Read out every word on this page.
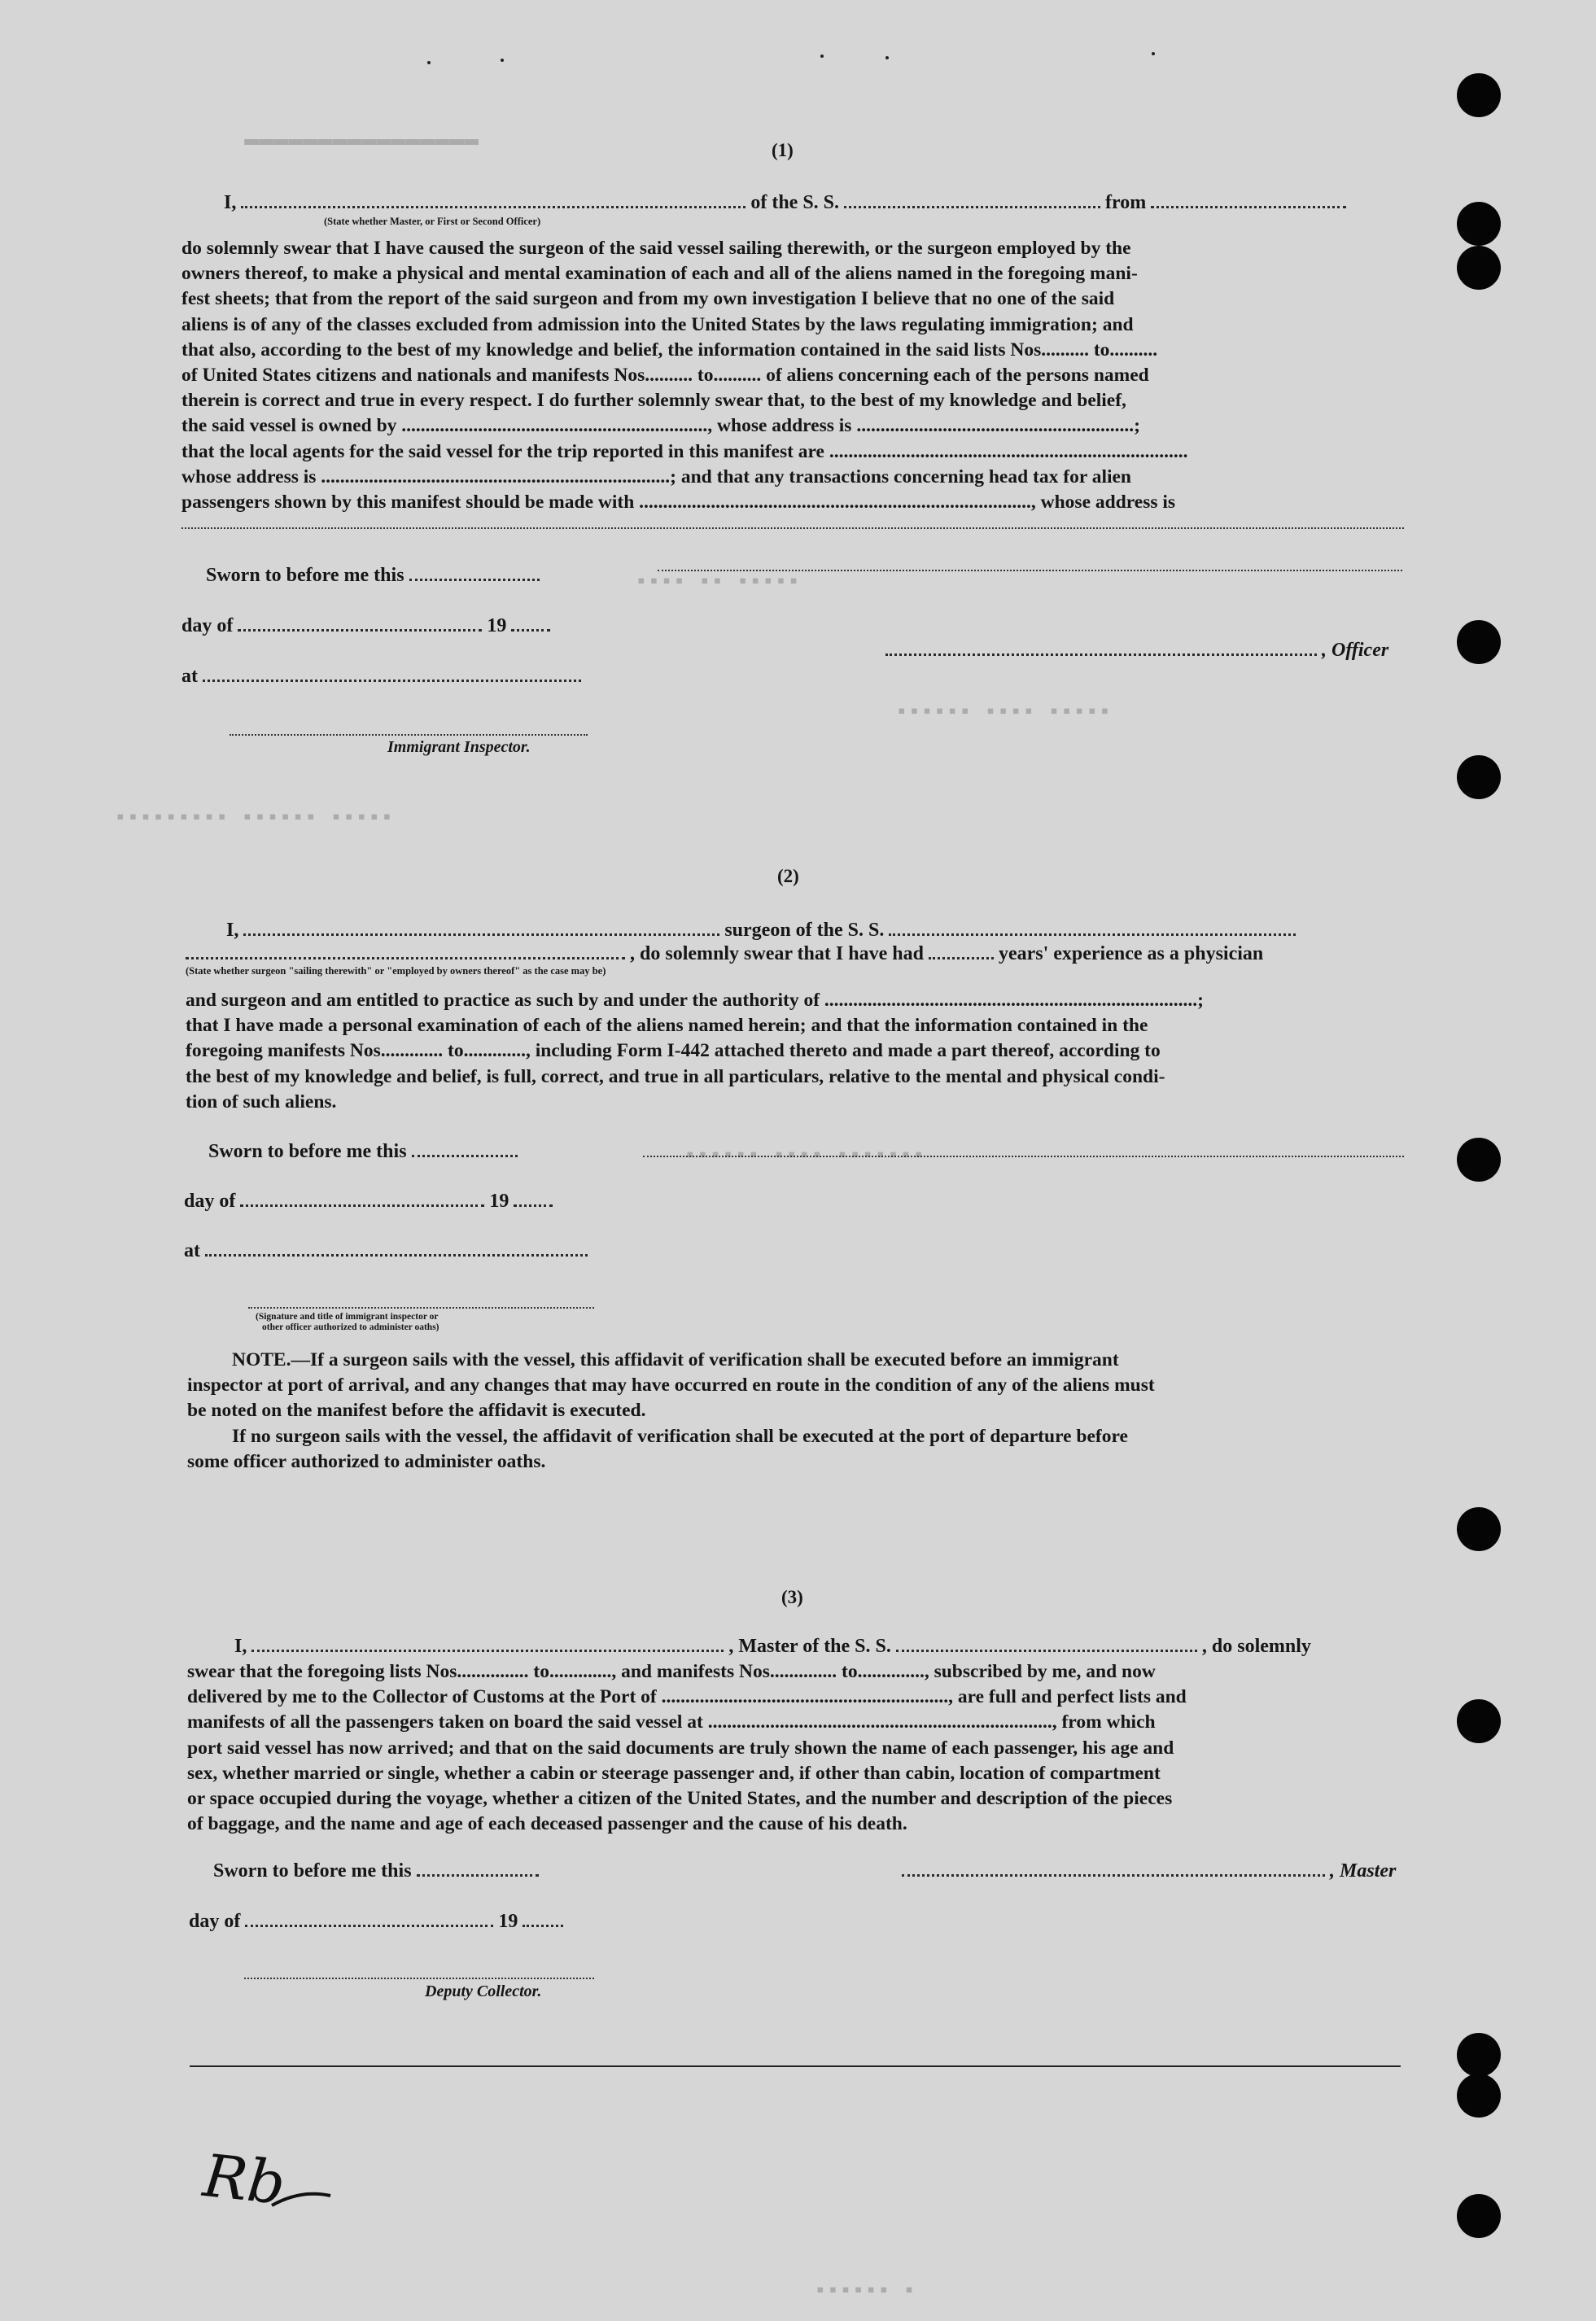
▬▬▬▬▬▬▬▬▬▬▬▬▬▬▬▬
▪▪▪▪ ▪▪ ▪▪▪▪▪
▪▪▪▪▪▪ ▪▪▪▪ ▪▪▪▪▪
▪▪▪▪▪▪▪▪▪ ▪▪▪▪▪▪ ▪▪▪▪▪
▪▪▪▪▪▪ ▪▪▪▪ ▪▪▪▪▪▪▪
▪▪▪▪▪▪ ▪
(1)
I,	of the S. S.	from
(State whether Master, or First or Second Officer)
do solemnly swear that I have caused the surgeon of the said vessel sailing therewith, or the surgeon employed by the
owners thereof, to make a physical and mental examination of each and all of the aliens named in the foregoing mani-
fest sheets; that from the report of the said surgeon and from my own investigation I believe that no one of the said
aliens is of any of the classes excluded from admission into the United States by the laws regulating immigration; and
that also, according to the best of my knowledge and belief, the information contained in the said lists Nos.......... to..........
of United States citizens and nationals and manifests Nos.......... to.......... of aliens concerning each of the persons named
therein is correct and true in every respect. I do further solemnly swear that, to the best of my knowledge and belief,
the said vessel is owned by ................................................................, whose address is ..........................................................;
that the local agents for the said vessel for the trip reported in this manifest are ...........................................................................
whose address is .........................................................................; and that any transactions concerning head tax for alien
passengers shown by this manifest should be made with .................................................................................., whose address is
Sworn to before me this
day of	19
, Officer
at
Immigrant Inspector.
(2)
I,	surgeon of the S. S.
, do solemnly swear that I have had	years' experience as a physician
(State whether surgeon "sailing therewith" or "employed by owners thereof" as the case may be)
and surgeon and am entitled to practice as such by and under the authority of ..............................................................................;
that I have made a personal examination of each of the aliens named herein; and that the information contained in the
foregoing manifests Nos............. to............., including Form I-442 attached thereto and made a part thereof, according to
the best of my knowledge and belief, is full, correct, and true in all particulars, relative to the mental and physical condi-
tion of such aliens.
Sworn to before me this
day of	19
at
(Signature and title of immigrant inspector or
other officer authorized to administer oaths)
NOTE.—If a surgeon sails with the vessel, this affidavit of verification shall be executed before an immigrant
inspector at port of arrival, and any changes that may have occurred en route in the condition of any of the aliens must
be noted on the manifest before the affidavit is executed.
If no surgeon sails with the vessel, the affidavit of verification shall be executed at the port of departure before
some officer authorized to administer oaths.
(3)
I,	, Master of the S. S.	, do solemnly
swear that the foregoing lists Nos............... to............., and manifests Nos.............. to.............., subscribed by me, and now
delivered by me to the Collector of Customs at the Port of ............................................................, are full and perfect lists and
manifests of all the passengers taken on board the said vessel at ........................................................................, from which
port said vessel has now arrived; and that on the said documents are truly shown the name of each passenger, his age and
sex, whether married or single, whether a cabin or steerage passenger and, if other than cabin, location of compartment
or space occupied during the voyage, whether a citizen of the United States, and the number and description of the pieces
of baggage, and the name and age of each deceased passenger and the cause of his death.
Sworn to before me this	, Master
day of	19
Deputy Collector.
Rb
